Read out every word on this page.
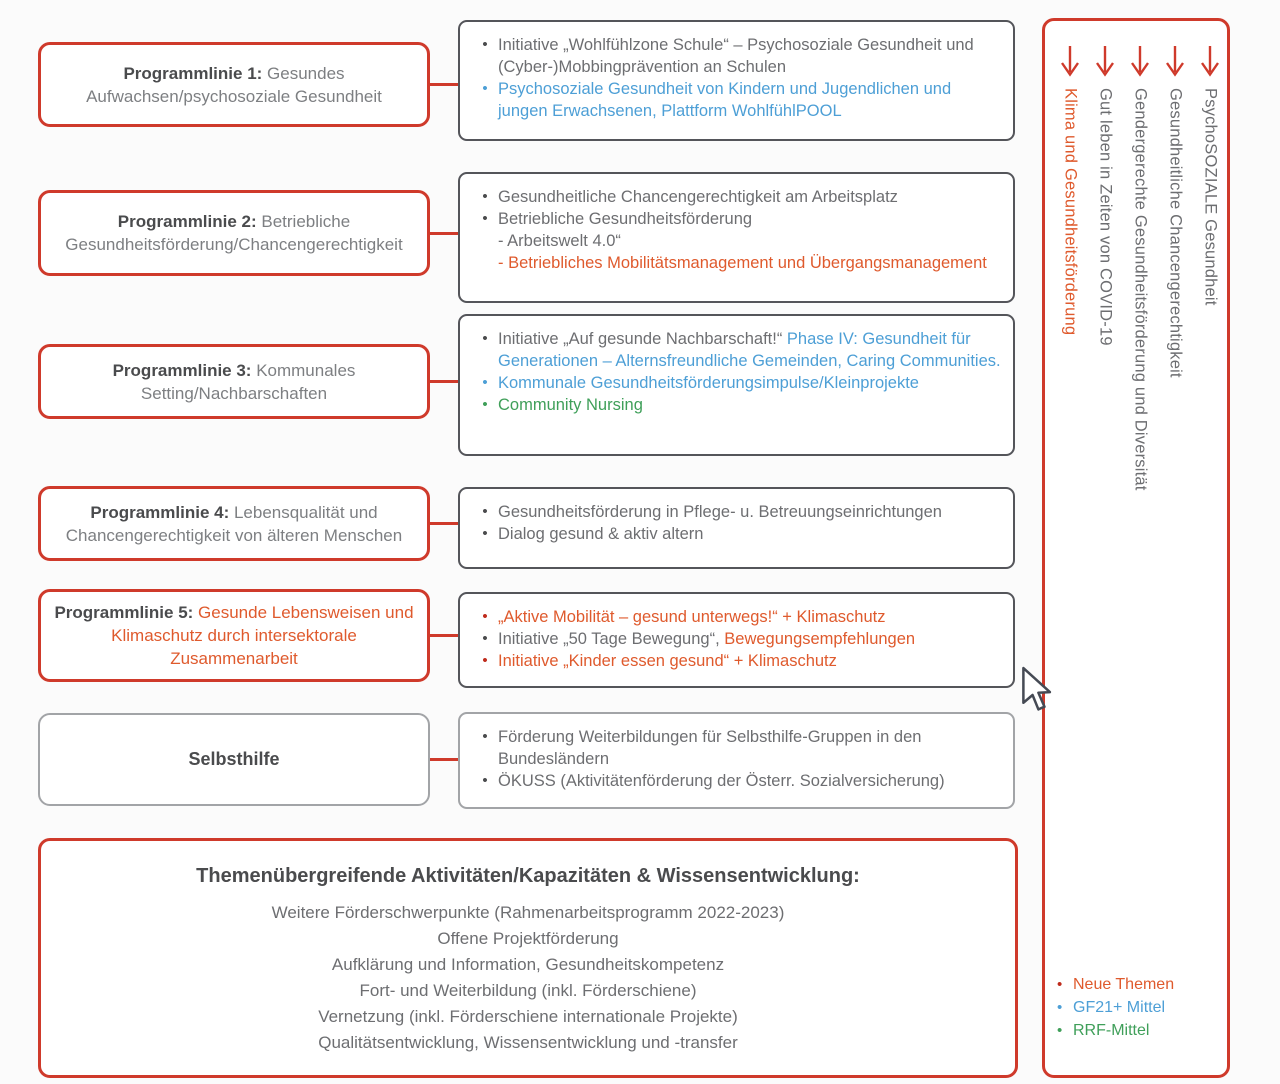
Programmlinie 1: Gesundes Aufwachsen/psychosoziale Gesundheit
Programmlinie 2: Betriebliche Gesundheitsförderung/Chancengerechtigkeit
Programmlinie 3: Kommunales Setting/Nachbarschaften
Programmlinie 4: Lebensqualität und Chancengerechtigkeit von älteren Menschen
Programmlinie 5: Gesunde Lebensweisen und Klimaschutz durch intersektorale Zusammenarbeit
Selbsthilfe
• Initiative „Wohlfühlzone Schule“ – Psychosoziale Gesundheit und (Cyber-)Mobbingprävention an Schulen
• Psychosoziale Gesundheit von Kindern und Jugendlichen und jungen Erwachsenen, Plattform WohlfühlPOOL
• Gesundheitliche Chancengerechtigkeit am Arbeitsplatz
• Betriebliche Gesundheitsförderung
- Arbeitswelt 4.0“
- Betriebliches Mobilitätsmanagement und Übergangsmanagement
• Initiative „Auf gesunde Nachbarschaft!“ Phase IV: Gesundheit für Generationen – Alternsfreundliche Gemeinden, Caring Communities.
• Kommunale Gesundheitsförderungsimpulse/Kleinprojekte
• Community Nursing
• Gesundheitsförderung in Pflege- u. Betreuungseinrichtungen
• Dialog gesund & aktiv altern
• „Aktive Mobilität – gesund unterwegs!“ + Klimaschutz
• Initiative „50 Tage Bewegung“, Bewegungsempfehlungen
• Initiative „Kinder essen gesund“ + Klimaschutz
• Förderung Weiterbildungen für Selbsthilfe-Gruppen in den Bundesländern
• ÖKUSS (Aktivitätenförderung der Österr. Sozialversicherung)
Themenübergreifende Aktivitäten/Kapazitäten & Wissensentwicklung:
Weitere Förderschwerpunkte (Rahmenarbeitsprogramm 2022-2023)
Offene Projektförderung
Aufklärung und Information, Gesundheitskompetenz
Fort- und Weiterbildung (inkl. Förderschiene)
Vernetzung (inkl. Förderschiene internationale Projekte)
Qualitätsentwicklung, Wissensentwicklung und -transfer
• Neue Themen
• GF21+ Mittel
• RRF-Mittel
Klima und Gesundheitsförderung Gut leben in Zeiten von COVID-19 Gendergerechte Gesundheitsförderung und Diversität Gesundheitliche Chancengerechtigkeit PsychoSOZIALE Gesundheit
